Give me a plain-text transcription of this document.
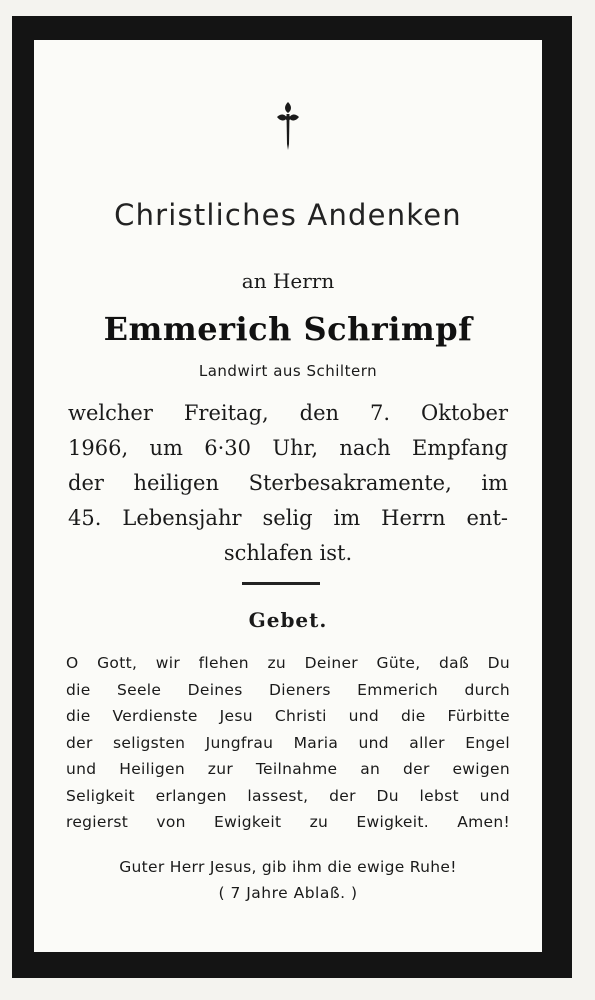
Christliches Andenken
an Herrn
Emmerich Schrimpf
Landwirt aus Schiltern
welcher Freitag, den 7. Oktober
1966, um 6·30 Uhr, nach Empfang
der heiligen Sterbesakramente, im
45. Lebensjahr selig im Herrn ent-
schlafen ist.
Gebet.
O Gott, wir flehen zu Deiner Güte, daß Du
die Seele Deines Dieners Emmerich durch
die Verdienste Jesu Christi und die Fürbitte
der seligsten Jungfrau Maria und aller Engel
und Heiligen zur Teilnahme an der ewigen
Seligkeit erlangen lassest, der Du lebst und
regierst von Ewigkeit zu Ewigkeit. Amen!
Guter Herr Jesus, gib ihm die ewige Ruhe!
( 7 Jahre Ablaß. )
